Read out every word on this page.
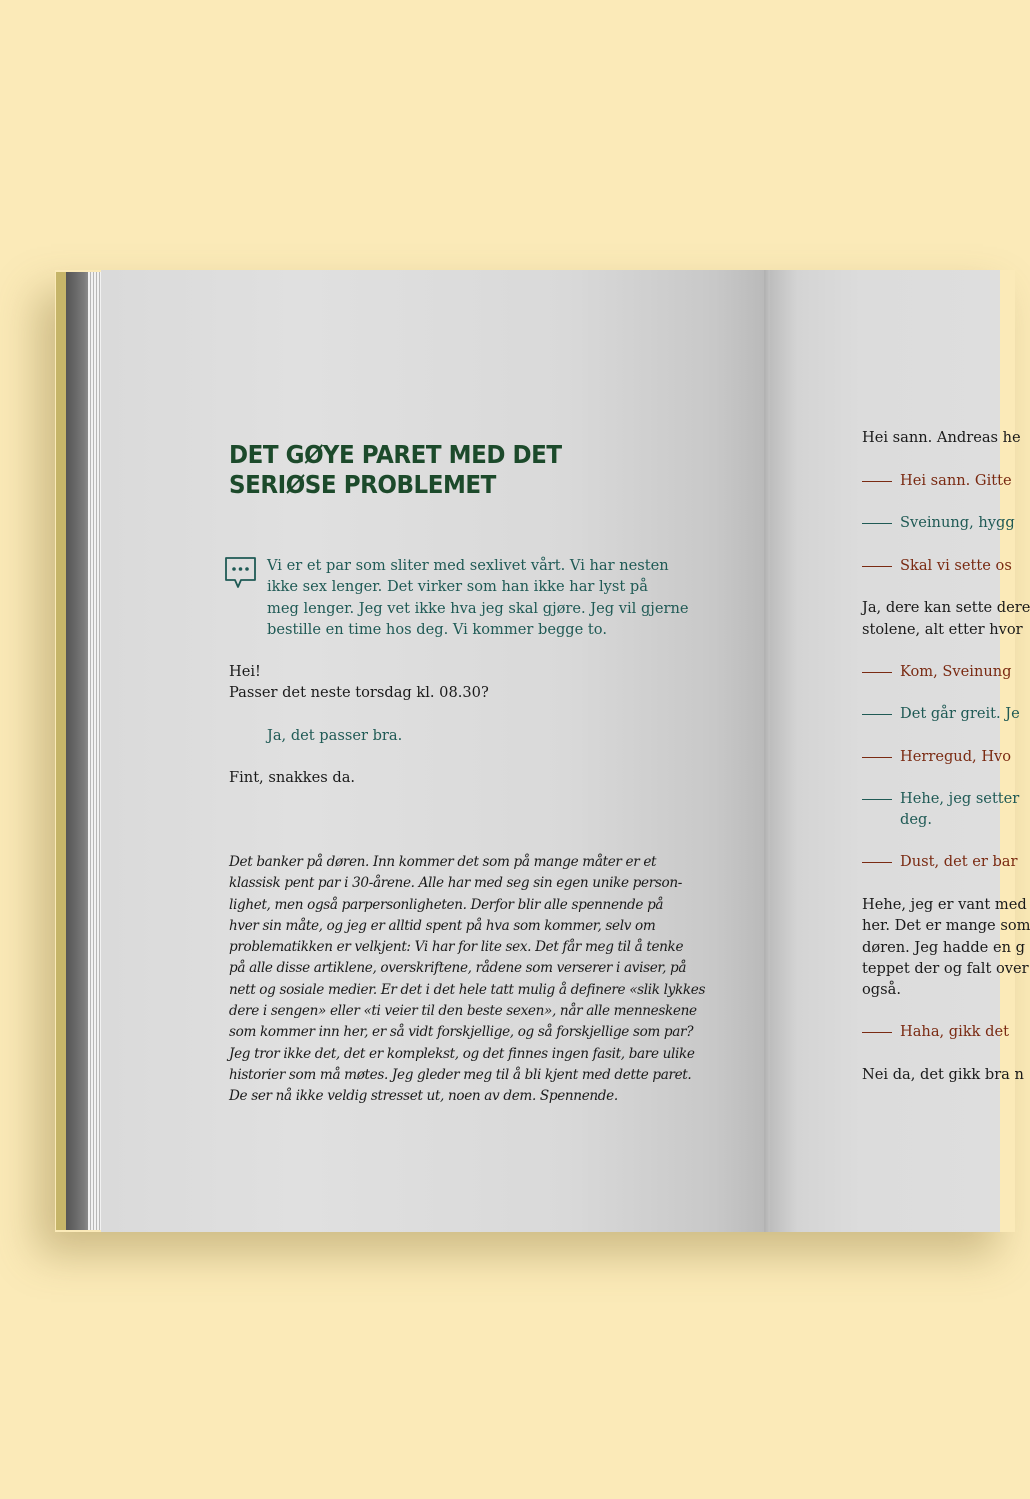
DET GØYE PARET MED DET
SERIØSE PROBLEMET
Vi er et par som sliter med sexlivet vårt. Vi har nesten
ikke sex lenger. Det virker som han ikke har lyst på
meg lenger. Jeg vet ikke hva jeg skal gjøre. Jeg vil gjerne
bestille en time hos deg. Vi kommer begge to.
Hei!
Passer det neste torsdag kl. 08.30?
Ja, det passer bra.
Fint, snakkes da.
Det banker på døren. Inn kommer det som på mange måter er et
klassisk pent par i 30-årene. Alle har med seg sin egen unike person-
lighet, men også parpersonligheten. Derfor blir alle spennende på
hver sin måte, og jeg er alltid spent på hva som kommer, selv om
problematikken er velkjent: Vi har for lite sex. Det får meg til å tenke
på alle disse artiklene, overskriftene, rådene som verserer i aviser, på
nett og sosiale medier. Er det i det hele tatt mulig å definere «slik lykkes
dere i sengen» eller «ti veier til den beste sexen», når alle menneskene
som kommer inn her, er så vidt forskjellige, og så forskjellige som par?
Jeg tror ikke det, det er komplekst, og det finnes ingen fasit, bare ulike
historier som må møtes. Jeg gleder meg til å bli kjent med dette paret.
De ser nå ikke veldig stresset ut, noen av dem. Spennende.
Hei sann. Andreas he
Hei sann. Gitte
Sveinung, hygg
Skal vi sette os
Ja, dere kan sette dere
stolene, alt etter hvor
Kom, Sveinung
Det går greit. Je
Herregud, Hvo
Hehe, jeg setter
deg.
Dust, det er bar
Hehe, jeg er vant med
her. Det er mange som
døren. Jeg hadde en g
teppet der og falt over
også.
Haha, gikk det
Nei da, det gikk bra n
